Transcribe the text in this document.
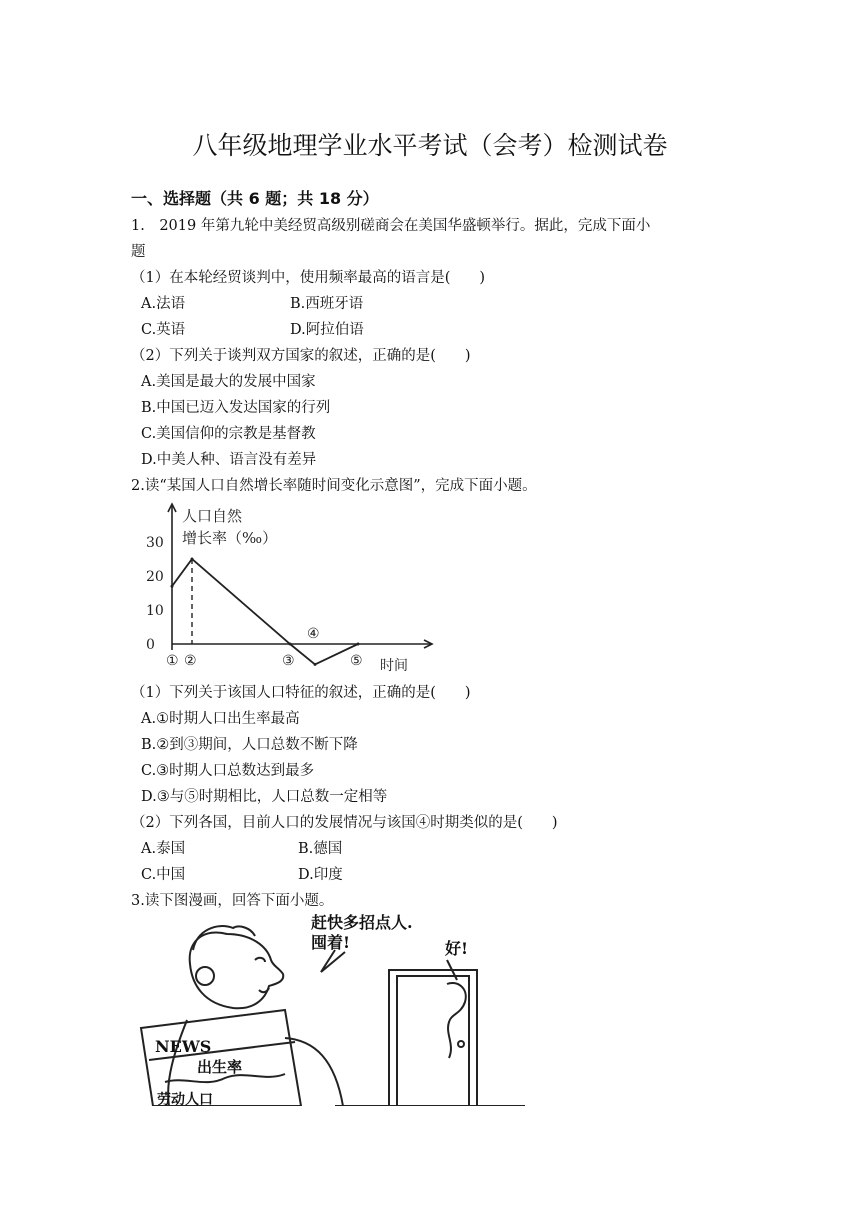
八年级地理学业水平考试（会考）检测试卷
一、选择题（共 6 题；共 18 分）
1.　2019 年第九轮中美经贸高级别磋商会在美国华盛顿举行。据此，完成下面小
题
（1）在本轮经贸谈判中，使用频率最高的语言是(　　)
A.法语	B.西班牙语
C.英语	D.阿拉伯语
（2）下列关于谈判双方国家的叙述，正确的是(　　)
A.美国是最大的发展中国家
B.中国已迈入发达国家的行列
C.美国信仰的宗教是基督教
D.中美人种、语言没有差异
2.读“某国人口自然增长率随时间变化示意图”，完成下面小题。
0
10
20
30
① ②	③
④
⑤
人口自然
增长率（‰）
时间
（1）下列关于该国人口特征的叙述，正确的是(　　)
A.①时期人口出生率最高
B.②到③期间，人口总数不断下降
C.③时期人口总数达到最多
D.③与⑤时期相比，人口总数一定相等
（2）下列各国，目前人口的发展情况与该国④时期类似的是(　　)
A.泰国	B.德国
C.中国	D.印度
3.读下图漫画，回答下面小题。
赶快多招点人.
囤着!	好!
NEWS
出生率
劳动人口
